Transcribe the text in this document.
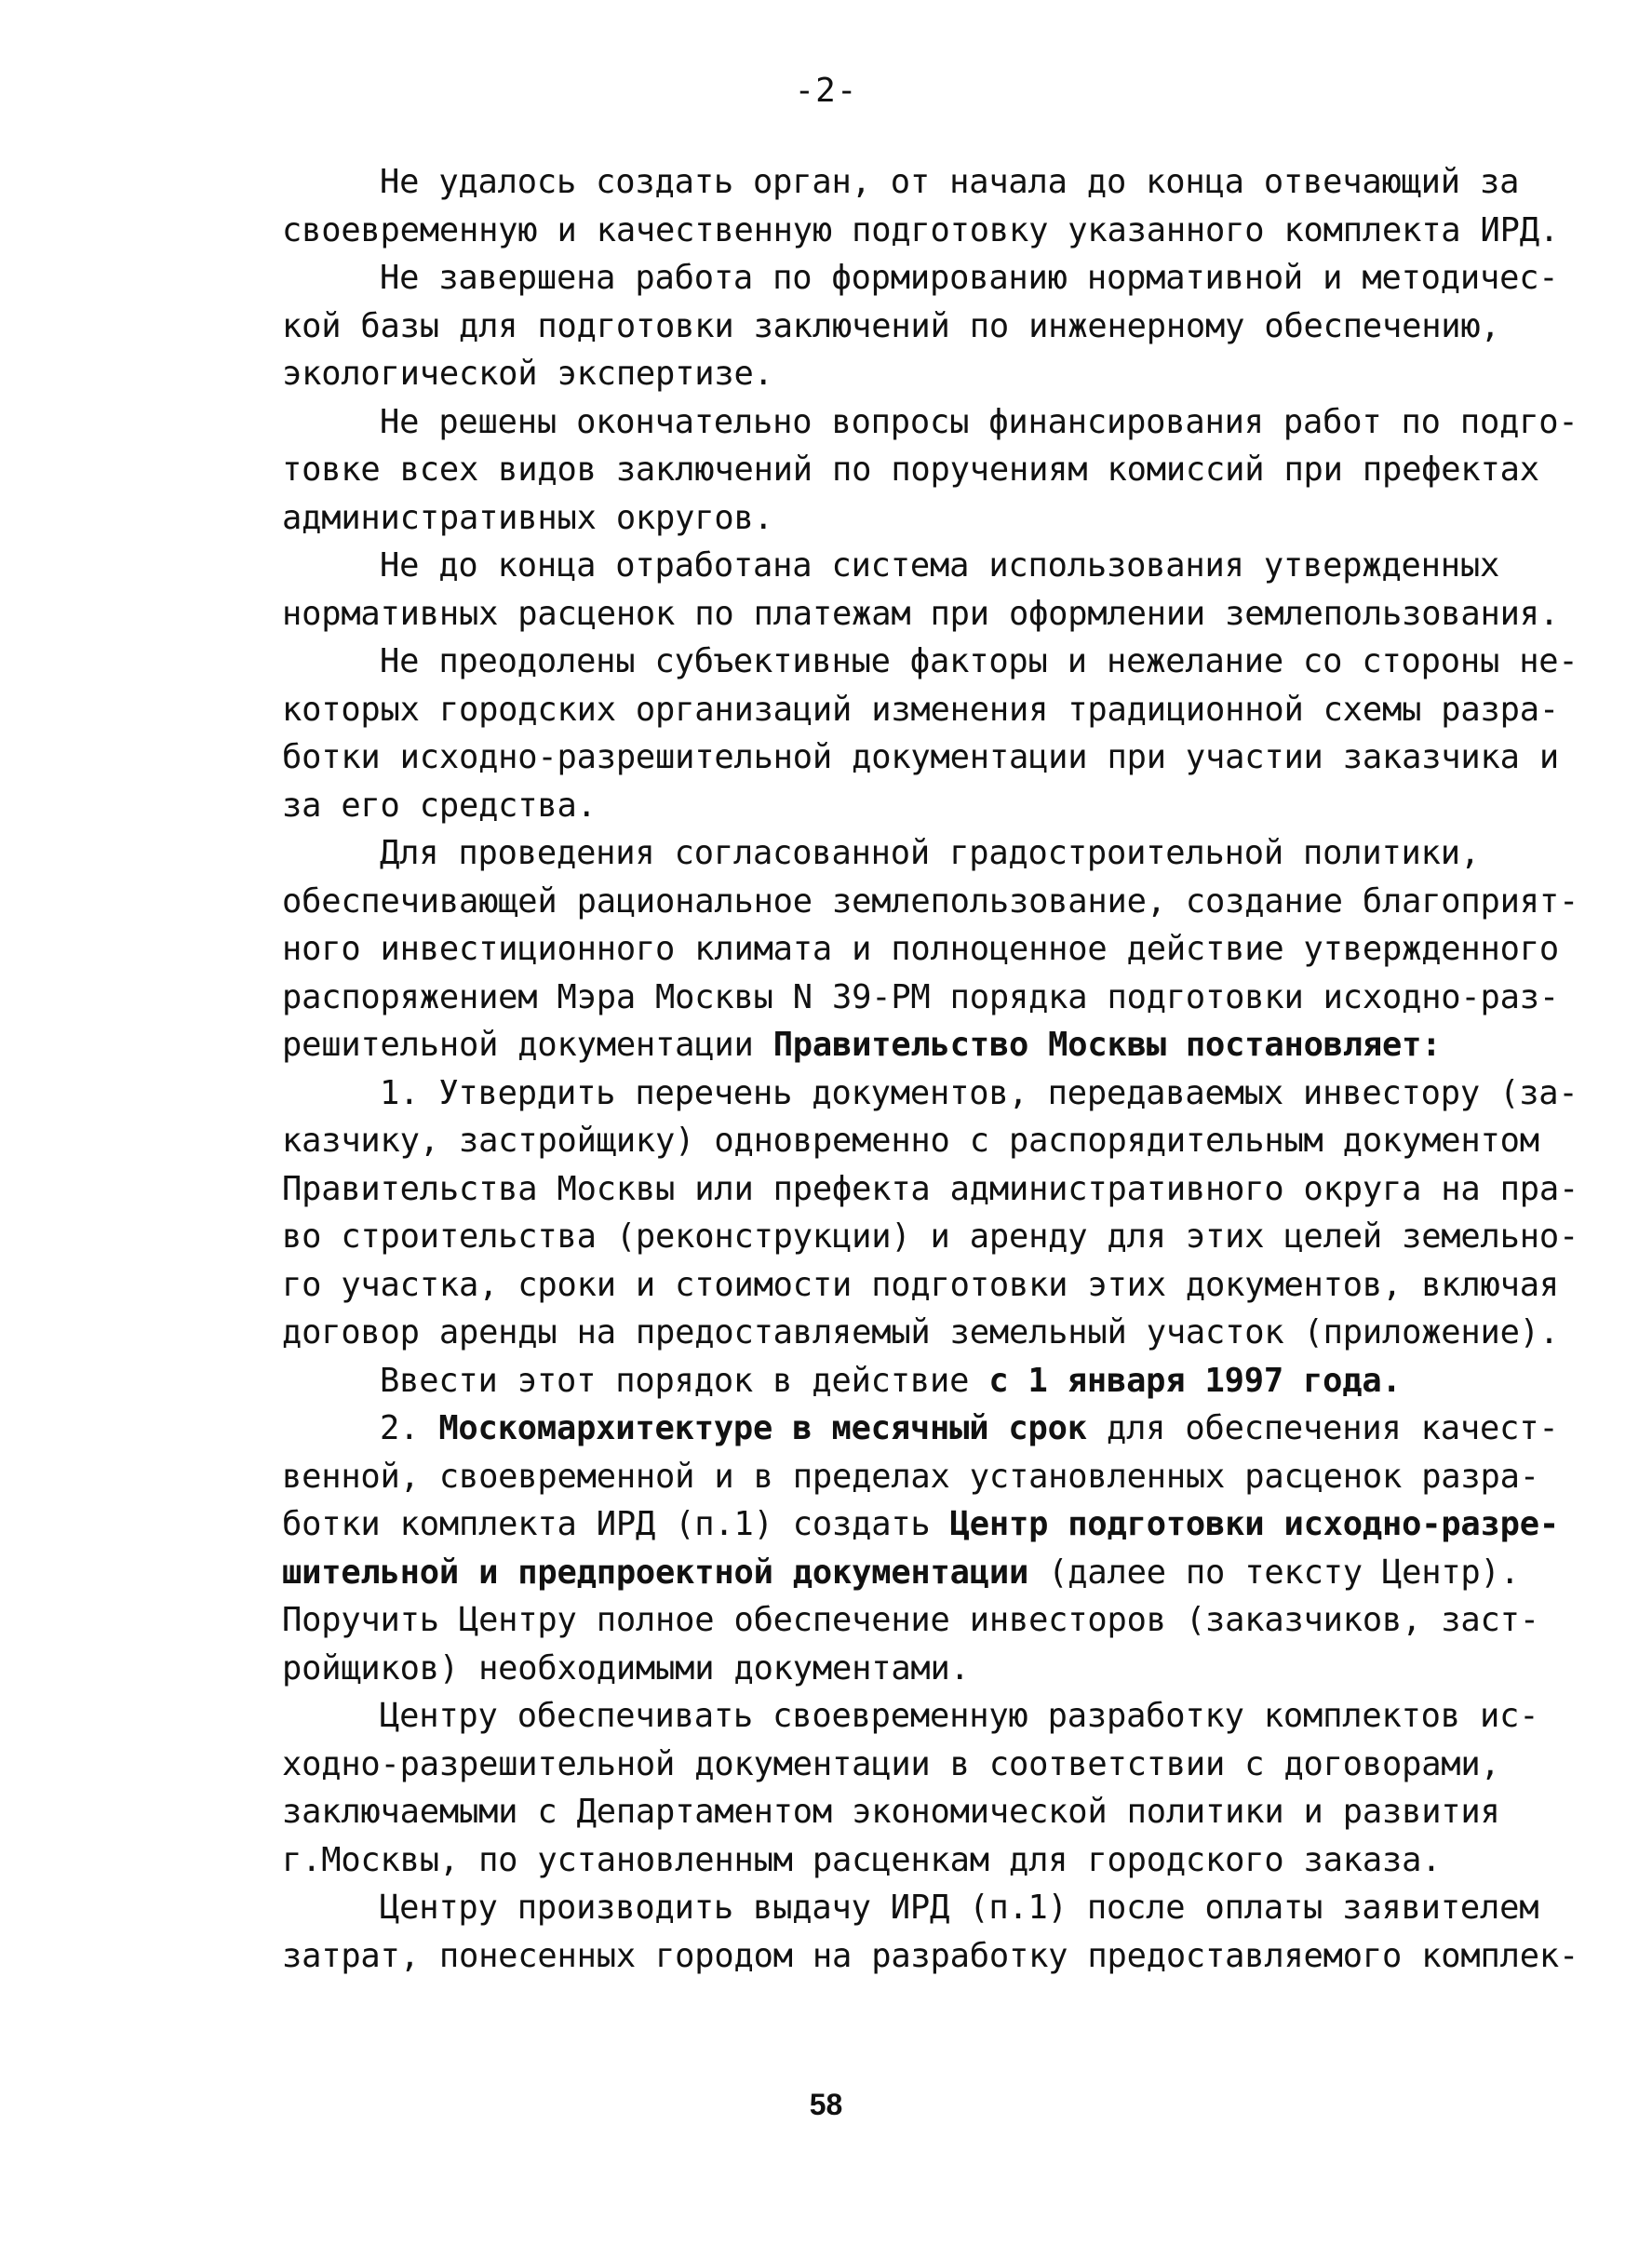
-2-
Не удалось создать орган, от начала до конца отвечающий за
своевременную и качественную подготовку указанного комплекта ИРД.
Не завершена работа по формированию нормативной и методичес-
кой базы для подготовки заключений по инженерному обеспечению,
экологической экспертизе.
Не решены окончательно вопросы финансирования работ по подго-
товке всех видов заключений по поручениям комиссий при префектах
административных округов.
Не до конца отработана система использования утвержденных
нормативных расценок по платежам при оформлении землепользования.
Не преодолены субъективные факторы и нежелание со стороны не-
которых городских организаций изменения традиционной схемы разра-
ботки исходно-разрешительной документации при участии заказчика и
за его средства.
Для проведения согласованной градостроительной политики,
обеспечивающей рациональное землепользование, создание благоприят-
ного инвестиционного климата и полноценное действие утвержденного
распоряжением Мэра Москвы N 39-РМ порядка подготовки исходно-раз-
решительной документации Правительство Москвы постановляет:
1. Утвердить перечень документов, передаваемых инвестору (за-
казчику, застройщику) одновременно с распорядительным документом
Правительства Москвы или префекта административного округа на пра-
во строительства (реконструкции) и аренду для этих целей земельно-
го участка, сроки и стоимости подготовки этих документов, включая
договор аренды на предоставляемый земельный участок (приложение).
Ввести этот порядок в действие с 1 января 1997 года.
2. Москомархитектуре в месячный срок для обеспечения качест-
венной, своевременной и в пределах установленных расценок разра-
ботки комплекта ИРД (п.1) создать Центр подготовки исходно-разре-
шительной и предпроектной документации (далее по тексту Центр).
Поручить Центру полное обеспечение инвесторов (заказчиков, заст-
ройщиков) необходимыми документами.
Центру обеспечивать своевременную разработку комплектов ис-
ходно-разрешительной документации в соответствии с договорами,
заключаемыми с Департаментом экономической политики и развития
г.Москвы, по установленным расценкам для городского заказа.
Центру производить выдачу ИРД (п.1) после оплаты заявителем
затрат, понесенных городом на разработку предоставляемого комплек-
58
